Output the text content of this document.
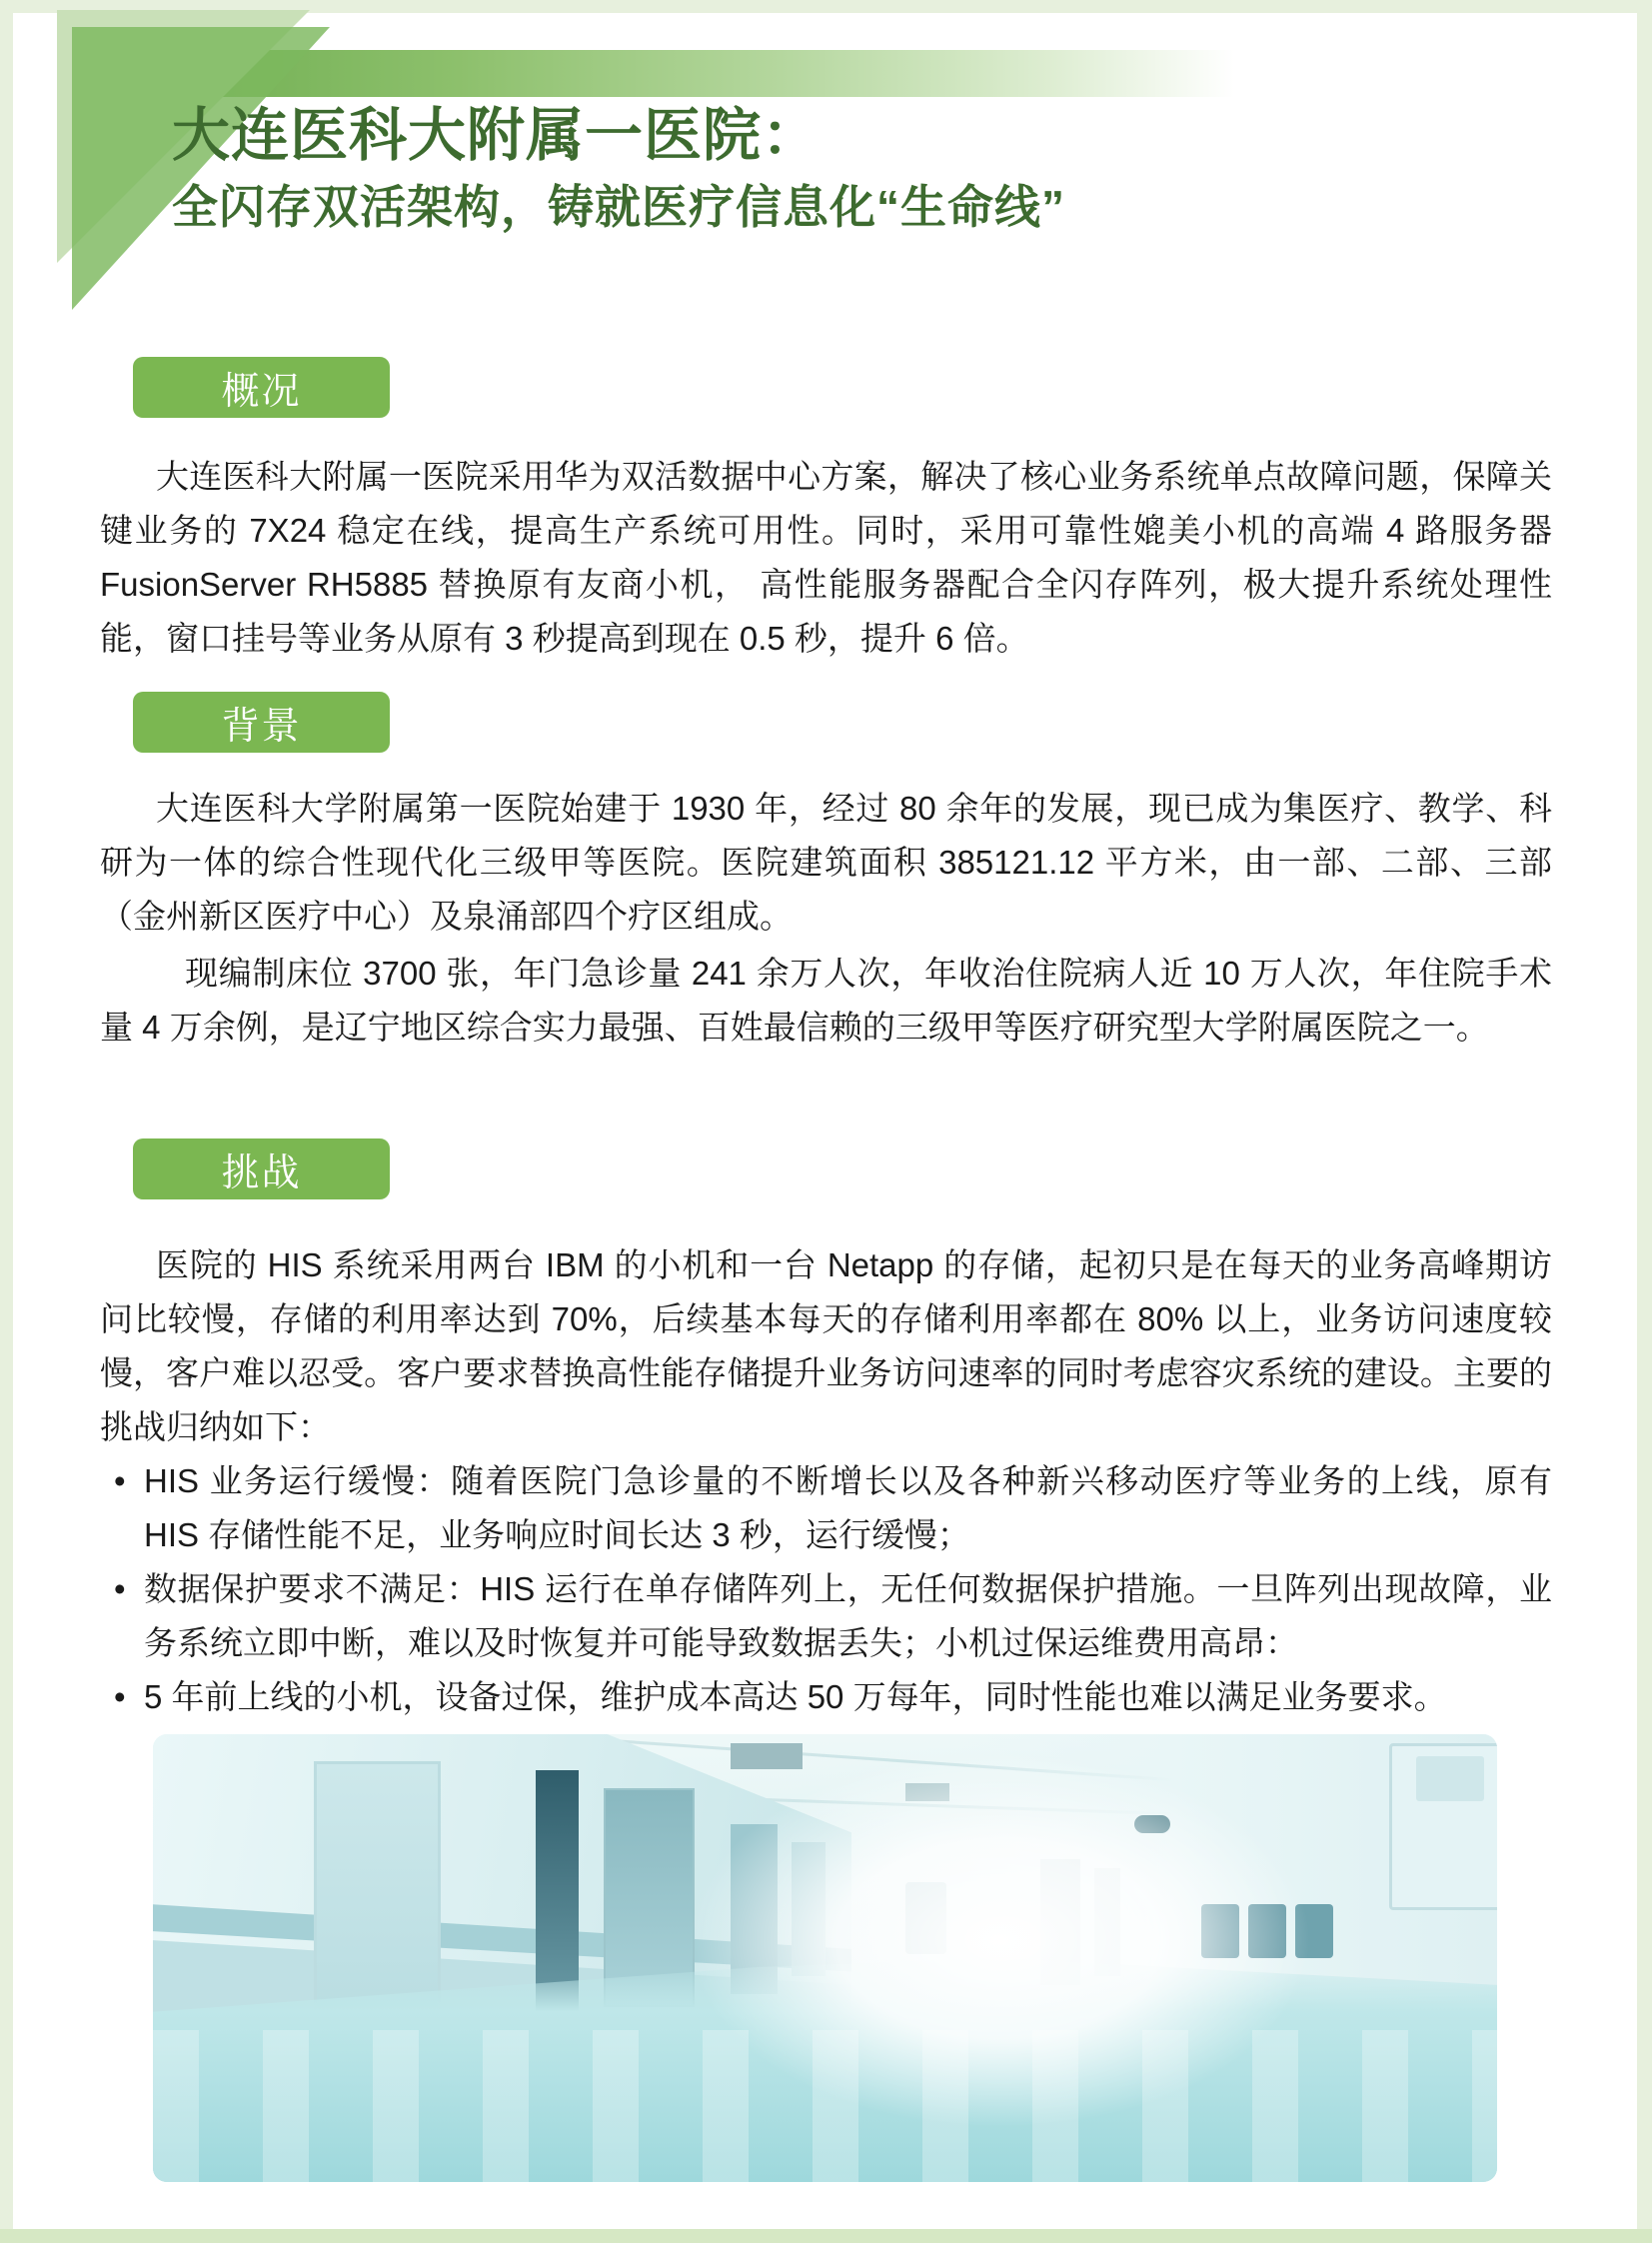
大连医科大附属一医院：
全闪存双活架构，铸就医疗信息化“生命线”
概况

大连医科大附属一医院采用华为双活数据中心方案，解决了核心业务系统单点故障问题，保障关键业务的 7X24 稳定在线，提高生产系统可用性。同时，采用可靠性媲美小机的高端 4 路服务器 FusionServer RH5885 替换原有友商小机， 高性能服务器配合全闪存阵列，极大提升系统处理性能，窗口挂号等业务从原有 3 秒提高到现在 0.5 秒，提升 6 倍。

背景

大连医科大学附属第一医院始建于 1930 年，经过 80 余年的发展，现已成为集医疗、教学、科研为一体的综合性现代化三级甲等医院。医院建筑面积 385121.12 平方米，由一部、二部、三部（金州新区医疗中心）及泉涌部四个疗区组成。

现编制床位 3700 张，年门急诊量 241 余万人次，年收治住院病人近 10 万人次，年住院手术量 4 万余例，是辽宁地区综合实力最强、百姓最信赖的三级甲等医疗研究型大学附属医院之一。

挑战

医院的 HIS 系统采用两台 IBM 的小机和一台 Netapp 的存储，起初只是在每天的业务高峰期访问比较慢，存储的利用率达到 70%，后续基本每天的存储利用率都在 80% 以上，业务访问速度较慢，客户难以忍受。客户要求替换高性能存储提升业务访问速率的同时考虑容灾系统的建设。主要的挑战归纳如下：

• HIS 业务运行缓慢：随着医院门急诊量的不断增长以及各种新兴移动医疗等业务的上线，原有 HIS 存储性能不足，业务响应时间长达 3 秒，运行缓慢；
• 数据保护要求不满足：HIS 运行在单存储阵列上，无任何数据保护措施。一旦阵列出现故障，业务系统立即中断，难以及时恢复并可能导致数据丢失；小机过保运维费用高昂：
• 5 年前上线的小机，设备过保，维护成本高达 50 万每年，同时性能也难以满足业务要求。
